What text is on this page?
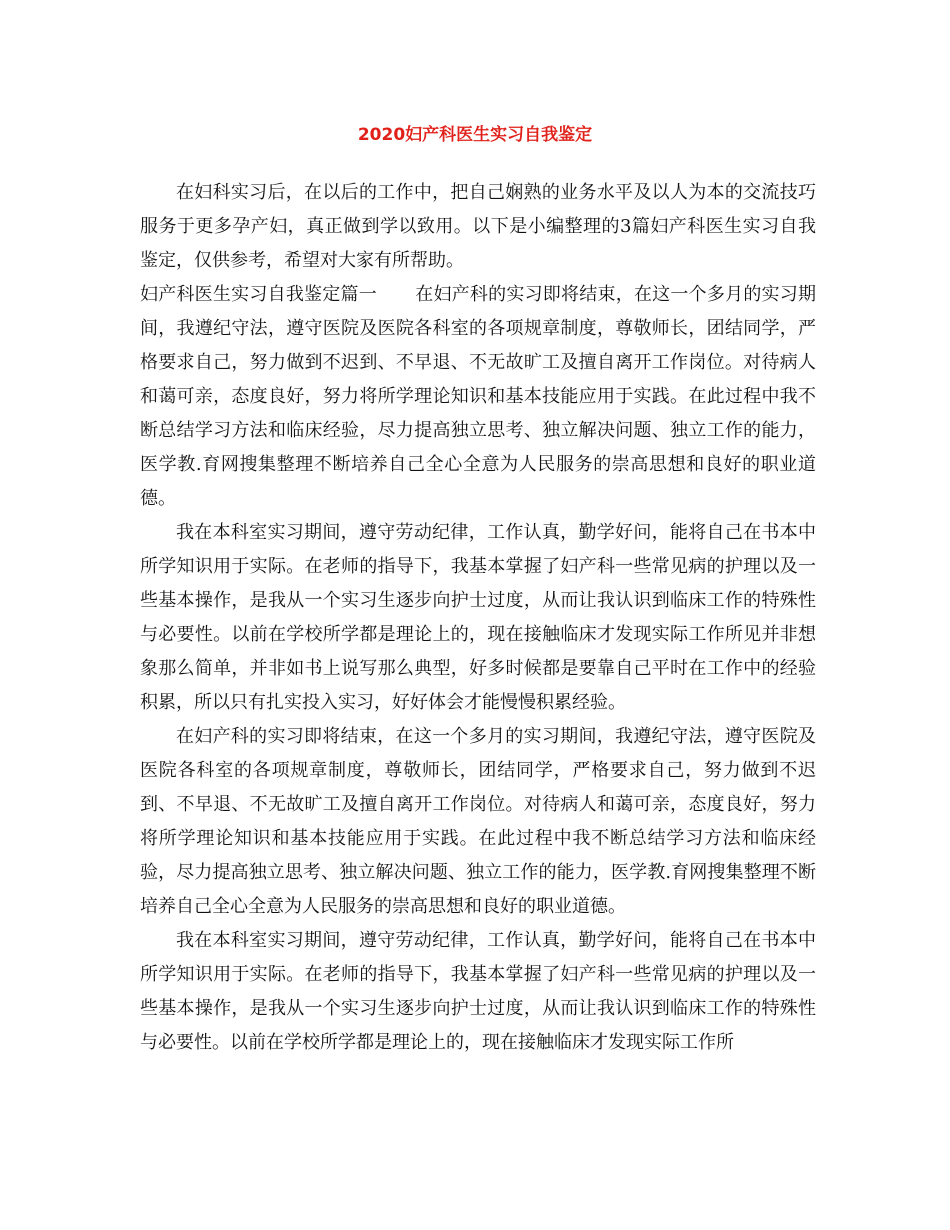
2020妇产科医生实习自我鉴定

在妇科实习后，在以后的工作中，把自己娴熟的业务水平及以人为本的交流技巧服务于更多孕产妇，真正做到学以致用。以下是小编整理的3篇妇产科医生实习自我鉴定，仅供参考，希望对大家有所帮助。

妇产科医生实习自我鉴定篇一 在妇产科的实习即将结束，在这一个多月的实习期间，我遵纪守法，遵守医院及医院各科室的各项规章制度，尊敬师长，团结同学，严格要求自己，努力做到不迟到、不早退、不无故旷工及擅自离开工作岗位。对待病人和蔼可亲，态度良好，努力将所学理论知识和基本技能应用于实践。在此过程中我不断总结学习方法和临床经验，尽力提高独立思考、独立解决问题、独立工作的能力，医学教.育网搜集整理不断培养自己全心全意为人民服务的崇高思想和良好的职业道德。

我在本科室实习期间，遵守劳动纪律，工作认真，勤学好问，能将自己在书本中所学知识用于实际。在老师的指导下，我基本掌握了妇产科一些常见病的护理以及一些基本操作，是我从一个实习生逐步向护士过度，从而让我认识到临床工作的特殊性与必要性。以前在学校所学都是理论上的，现在接触临床才发现实际工作所见并非想象那么简单，并非如书上说写那么典型，好多时候都是要靠自己平时在工作中的经验积累，所以只有扎实投入实习，好好体会才能慢慢积累经验。

在妇产科的实习即将结束，在这一个多月的实习期间，我遵纪守法，遵守医院及医院各科室的各项规章制度，尊敬师长，团结同学，严格要求自己，努力做到不迟到、不早退、不无故旷工及擅自离开工作岗位。对待病人和蔼可亲，态度良好，努力将所学理论知识和基本技能应用于实践。在此过程中我不断总结学习方法和临床经验，尽力提高独立思考、独立解决问题、独立工作的能力，医学教.育网搜集整理不断培养自己全心全意为人民服务的崇高思想和良好的职业道德。

我在本科室实习期间，遵守劳动纪律，工作认真，勤学好问，能将自己在书本中所学知识用于实际。在老师的指导下，我基本掌握了妇产科一些常见病的护理以及一些基本操作，是我从一个实习生逐步向护士过度，从而让我认识到临床工作的特殊性与必要性。以前在学校所学都是理论上的，现在接触临床才发现实际工作所
